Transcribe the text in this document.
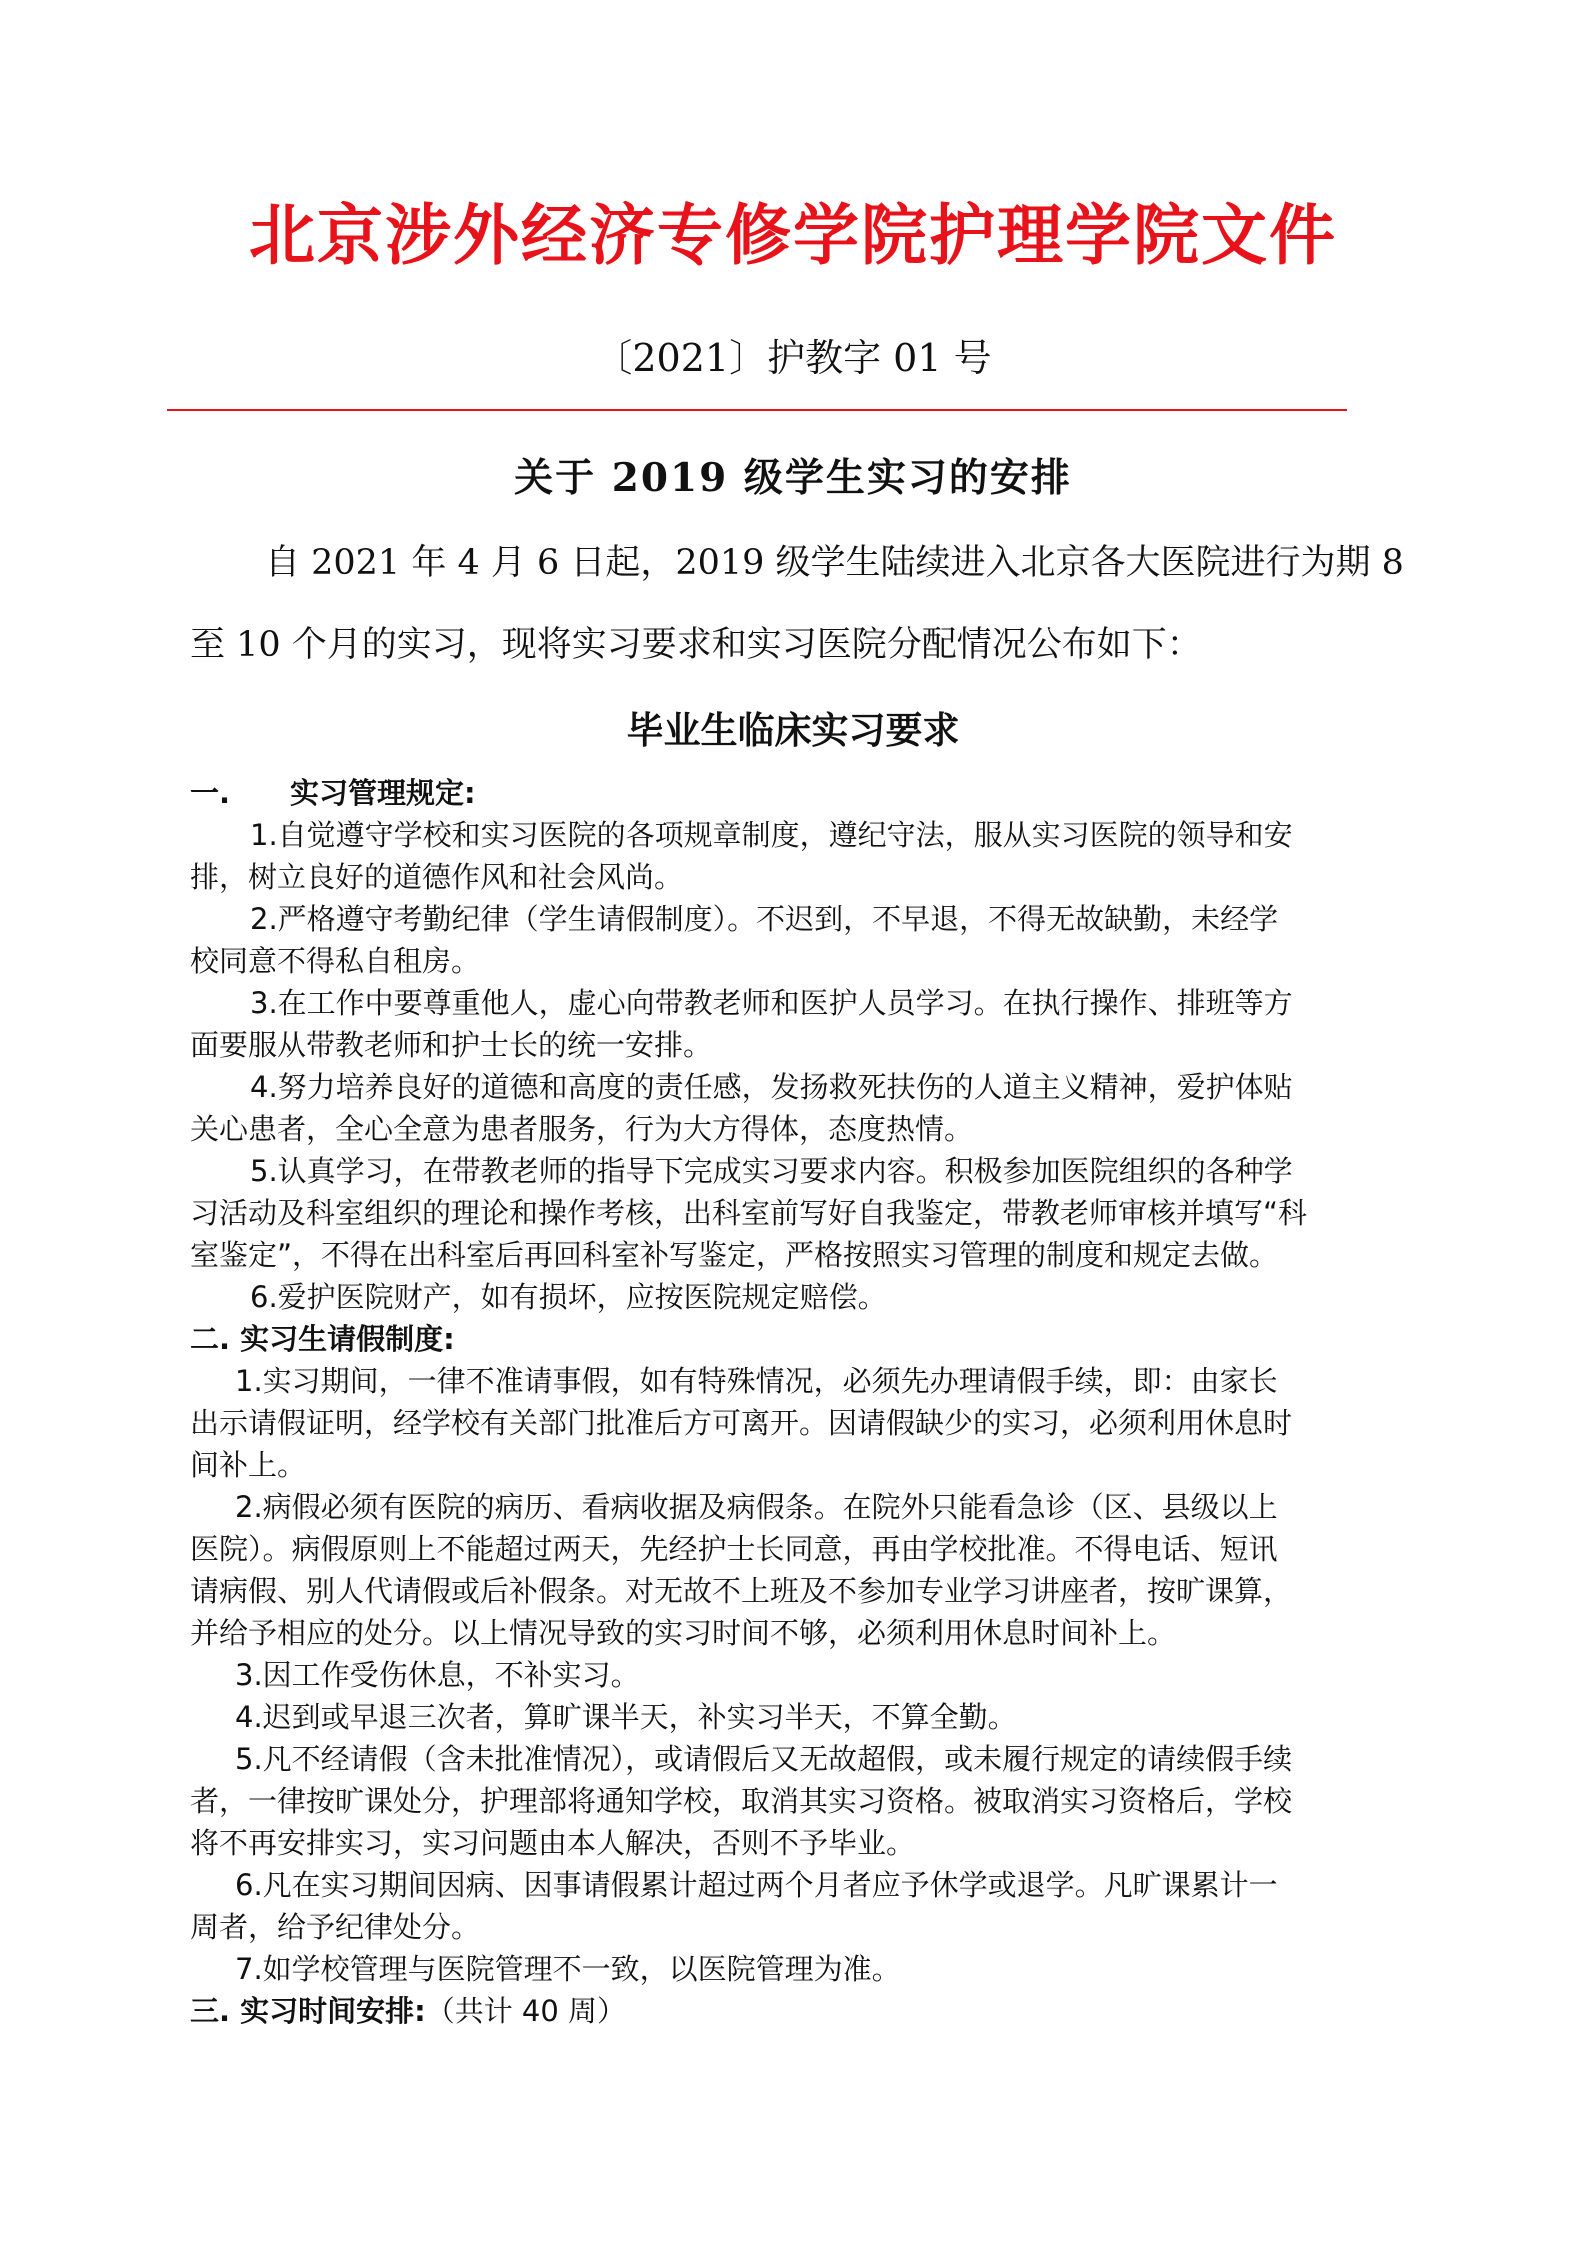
北京涉外经济专修学院护理学院文件
〔2021〕护教字 01 号
关于 2019 级学生实习的安排
自 2021 年 4 月 6 日起，2019 级学生陆续进入北京各大医院进行为期 8
至 10 个月的实习，现将实习要求和实习医院分配情况公布如下：
毕业生临床实习要求
一. 实习管理规定:
1.自觉遵守学校和实习医院的各项规章制度，遵纪守法，服从实习医院的领导和安
排，树立良好的道德作风和社会风尚。
2.严格遵守考勤纪律（学生请假制度）。不迟到，不早退，不得无故缺勤，未经学
校同意不得私自租房。
3.在工作中要尊重他人，虚心向带教老师和医护人员学习。在执行操作、排班等方
面要服从带教老师和护士长的统一安排。
4.努力培养良好的道德和高度的责任感，发扬救死扶伤的人道主义精神，爱护体贴
关心患者，全心全意为患者服务，行为大方得体，态度热情。
5.认真学习，在带教老师的指导下完成实习要求内容。积极参加医院组织的各种学
习活动及科室组织的理论和操作考核，出科室前写好自我鉴定，带教老师审核并填写“科
室鉴定”，不得在出科室后再回科室补写鉴定，严格按照实习管理的制度和规定去做。
6.爱护医院财产，如有损坏，应按医院规定赔偿。
二. 实习生请假制度:
1.实习期间，一律不准请事假，如有特殊情况，必须先办理请假手续，即：由家长
出示请假证明，经学校有关部门批准后方可离开。因请假缺少的实习，必须利用休息时
间补上。
2.病假必须有医院的病历、看病收据及病假条。在院外只能看急诊（区、县级以上
医院）。病假原则上不能超过两天，先经护士长同意，再由学校批准。不得电话、短讯
请病假、别人代请假或后补假条。对无故不上班及不参加专业学习讲座者，按旷课算，
并给予相应的处分。以上情况导致的实习时间不够，必须利用休息时间补上。
3.因工作受伤休息，不补实习。
4.迟到或早退三次者，算旷课半天，补实习半天，不算全勤。
5.凡不经请假（含未批准情况），或请假后又无故超假，或未履行规定的请续假手续
者，一律按旷课处分，护理部将通知学校，取消其实习资格。被取消实习资格后，学校
将不再安排实习，实习问题由本人解决，否则不予毕业。
6.凡在实习期间因病、因事请假累计超过两个月者应予休学或退学。凡旷课累计一
周者，给予纪律处分。
7.如学校管理与医院管理不一致，以医院管理为准。
三. 实习时间安排:（共计 40 周）
